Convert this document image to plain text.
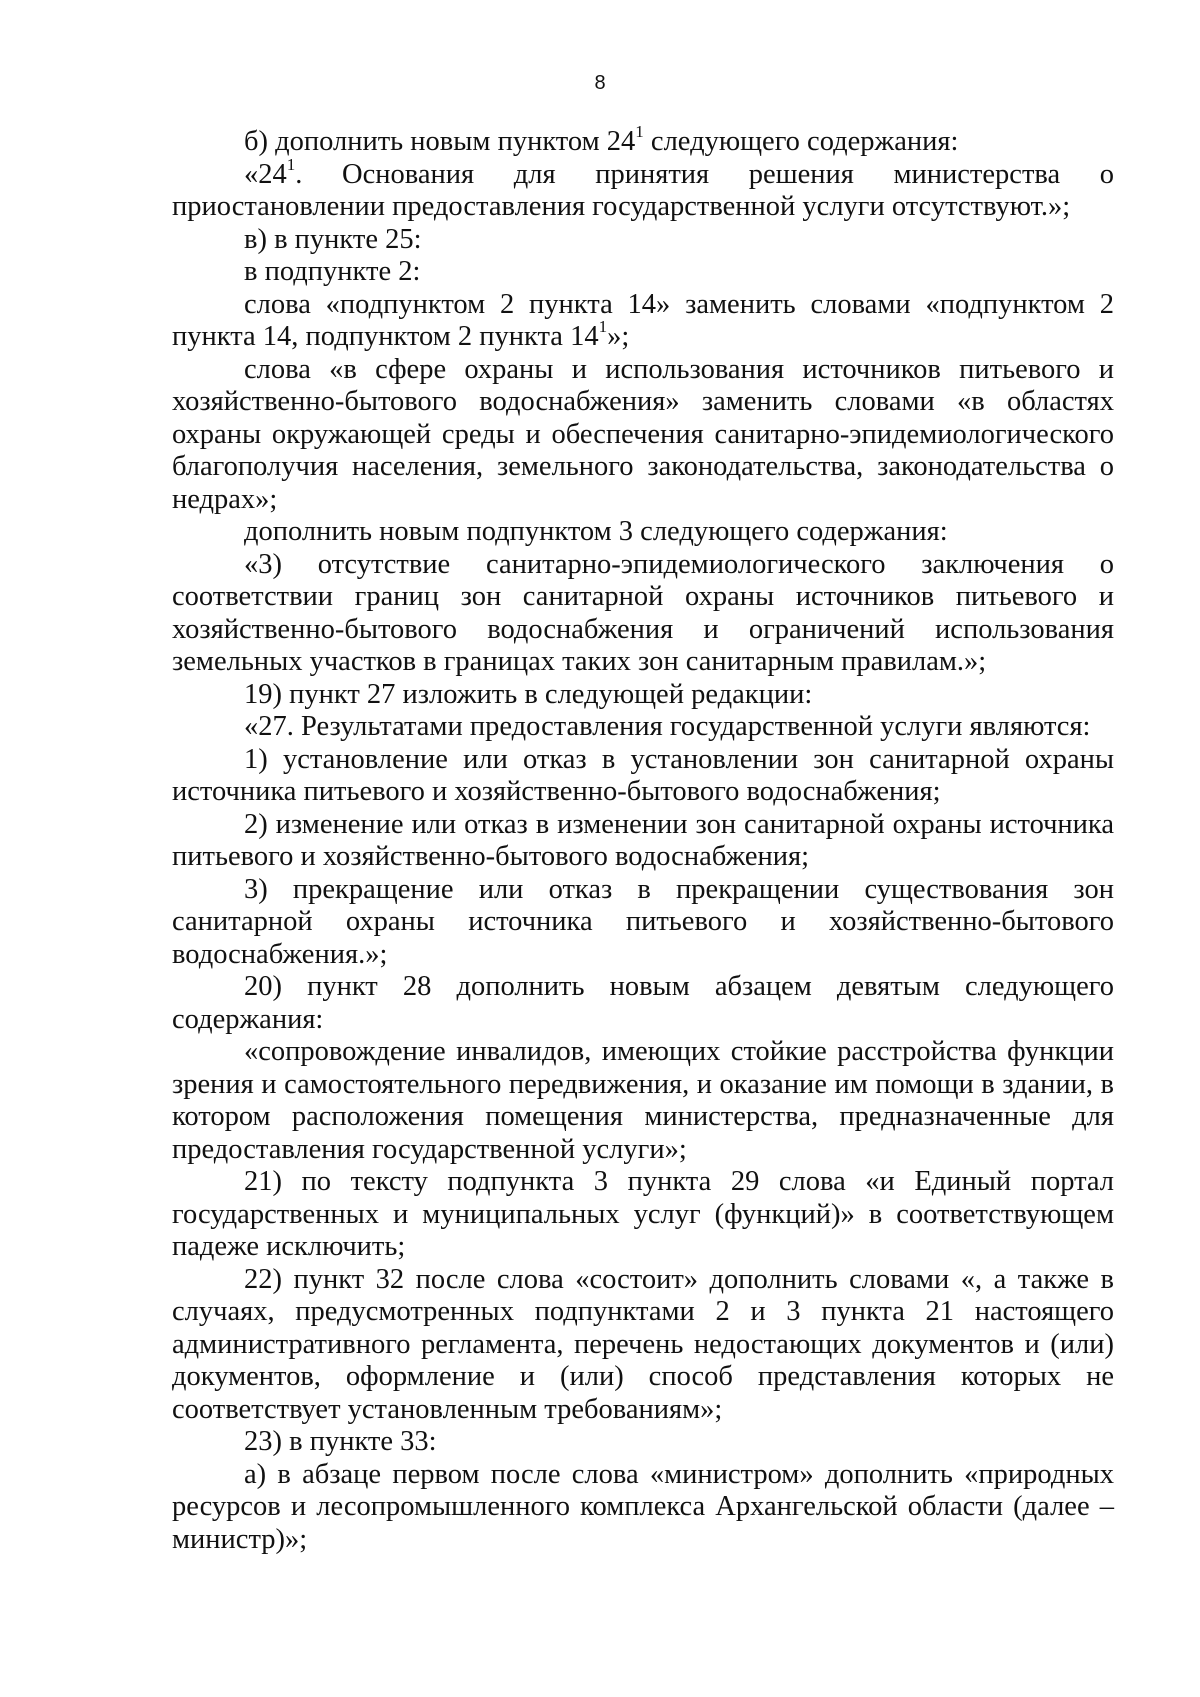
8

б) дополнить новым пунктом $24^1$ следующего содержания:

«$24^1$. Основания для принятия решения министерства о приостановлении предоставления государственной услуги отсутствуют.»;

в) в пункте 25:

в подпункте 2:

слова «подпунктом 2 пункта 14» заменить словами «подпунктом 2 пункта 14, подпунктом 2 пункта $14^1$»;

слова «в сфере охраны и использования источников питьевого и хозяйственно-бытового водоснабжения» заменить словами «в областях охраны окружающей среды и обеспечения санитарно-эпидемиологического благополучия населения, земельного законодательства, законодательства о недрах»;

дополнить новым подпунктом 3 следующего содержания:

«3) отсутствие санитарно-эпидемиологического заключения о соответствии границ зон санитарной охраны источников питьевого и хозяйственно-бытового водоснабжения и ограничений использования земельных участков в границах таких зон санитарным правилам.»;

19) пункт 27 изложить в следующей редакции:

«27. Результатами предоставления государственной услуги являются:

1) установление или отказ в установлении зон санитарной охраны источника питьевого и хозяйственно-бытового водоснабжения;

2) изменение или отказ в изменении зон санитарной охраны источника питьевого и хозяйственно-бытового водоснабжения;

3) прекращение или отказ в прекращении существования зон санитарной охраны источника питьевого и хозяйственно-бытового водоснабжения.»;

20) пункт 28 дополнить новым абзацем девятым следующего содержания:

«сопровождение инвалидов, имеющих стойкие расстройства функции зрения и самостоятельного передвижения, и оказание им помощи в здании, в котором расположения помещения министерства, предназначенные для предоставления государственной услуги»;

21) по тексту подпункта 3 пункта 29 слова «и Единый портал государственных и муниципальных услуг (функций)» в соответствующем падеже исключить;

22) пункт 32 после слова «состоит» дополнить словами «, а также в случаях, предусмотренных подпунктами 2 и 3 пункта 21 настоящего административного регламента, перечень недостающих документов и (или) документов, оформление и (или) способ представления которых не соответствует установленным требованиям»;

23) в пункте 33:

а) в абзаце первом после слова «министром» дополнить «природных ресурсов и лесопромышленного комплекса Архангельской области (далее – министр)»;
